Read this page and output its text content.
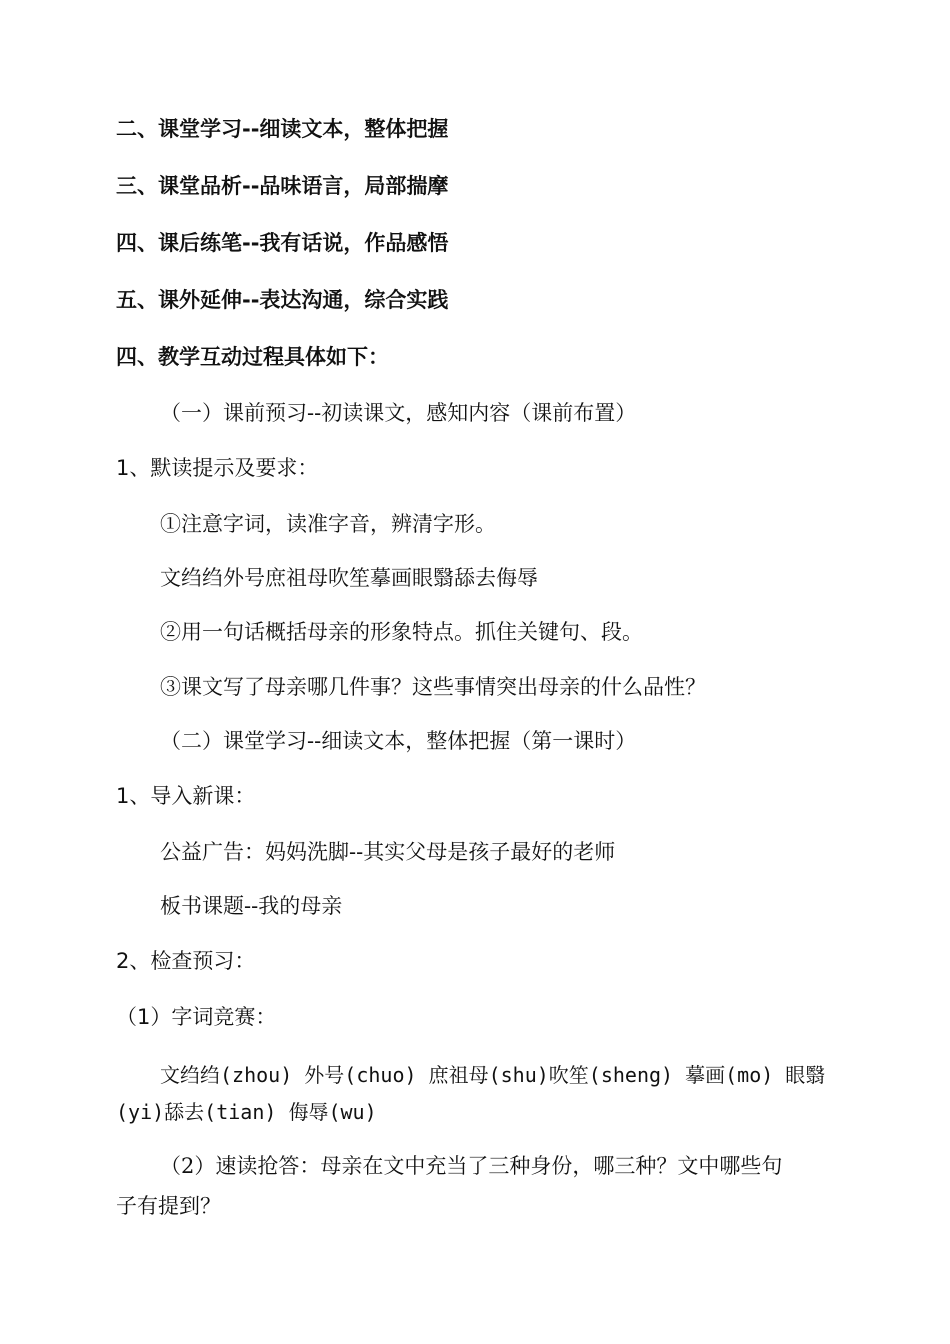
二、课堂学习--细读文本，整体把握
三、课堂品析--品味语言，局部揣摩
四、课后练笔--我有话说，作品感悟
五、课外延伸--表达沟通，综合实践
四、教学互动过程具体如下：
（一）课前预习--初读课文，感知内容（课前布置）
1、默读提示及要求：
①注意字词，读准字音，辨清字形。
文绉绉外号庶祖母吹笙摹画眼翳舔去侮辱
②用一句话概括母亲的形象特点。抓住关键句、段。
③课文写了母亲哪几件事？这些事情突出母亲的什么品性？
（二）课堂学习--细读文本，整体把握（第一课时）
1、导入新课：
公益广告：妈妈洗脚--其实父母是孩子最好的老师
板书课题--我的母亲
2、检查预习：
（1）字词竞赛：
文绉绉(zhou) 外号(chuo) 庶祖母(shu)吹笙(sheng) 摹画(mo) 眼翳
(yi)舔去(tian) 侮辱(wu)
（2）速读抢答：母亲在文中充当了三种身份，哪三种？文中哪些句
子有提到？
